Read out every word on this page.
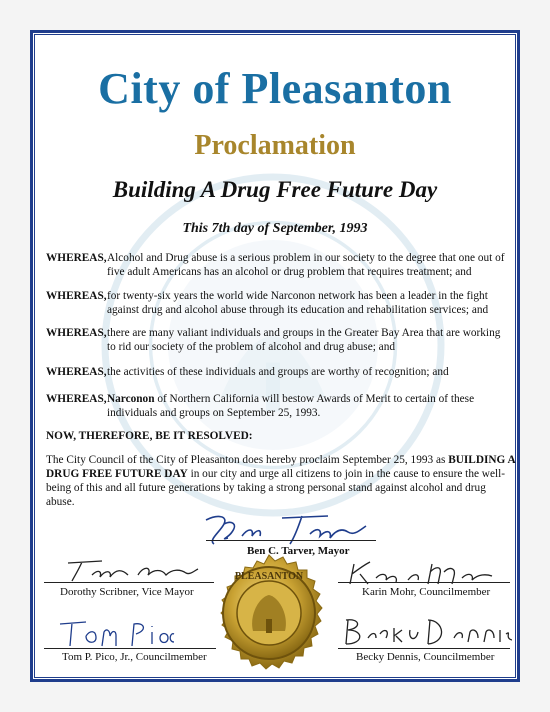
City of Pleasanton
Proclamation
Building A Drug Free Future Day
This 7th day of September, 1993
WHEREAS, Alcohol and Drug abuse is a serious problem in our society to the degree that one out of five adult Americans has an alcohol or drug problem that requires treatment; and
WHEREAS, for twenty-six years the world wide Narconon network has been a leader in the fight against drug and alcohol abuse through its education and rehabilitation services; and
WHEREAS, there are many valiant individuals and groups in the Greater Bay Area that are working to rid our society of the problem of alcohol and drug abuse; and
WHEREAS, the activities of these individuals and groups are worthy of recognition; and
WHEREAS, Narconon of Northern California will bestow Awards of Merit to certain of these individuals and groups on September 25, 1993.
NOW, THEREFORE, BE IT RESOLVED:
The City Council of the City of Pleasanton does hereby proclaim September 25, 1993 as BUILDING A DRUG FREE FUTURE DAY in our city and urge all citizens to join in the cause to ensure the well-being of this and all future generations by taking a strong personal stand against alcohol and drug abuse.
Ben C. Tarver, Mayor
Dorothy Scribner, Vice Mayor	Karin Mohr, Councilmember
Tom P. Pico, Jr., Councilmember	Becky Dennis, Councilmember
PLEASANTON
